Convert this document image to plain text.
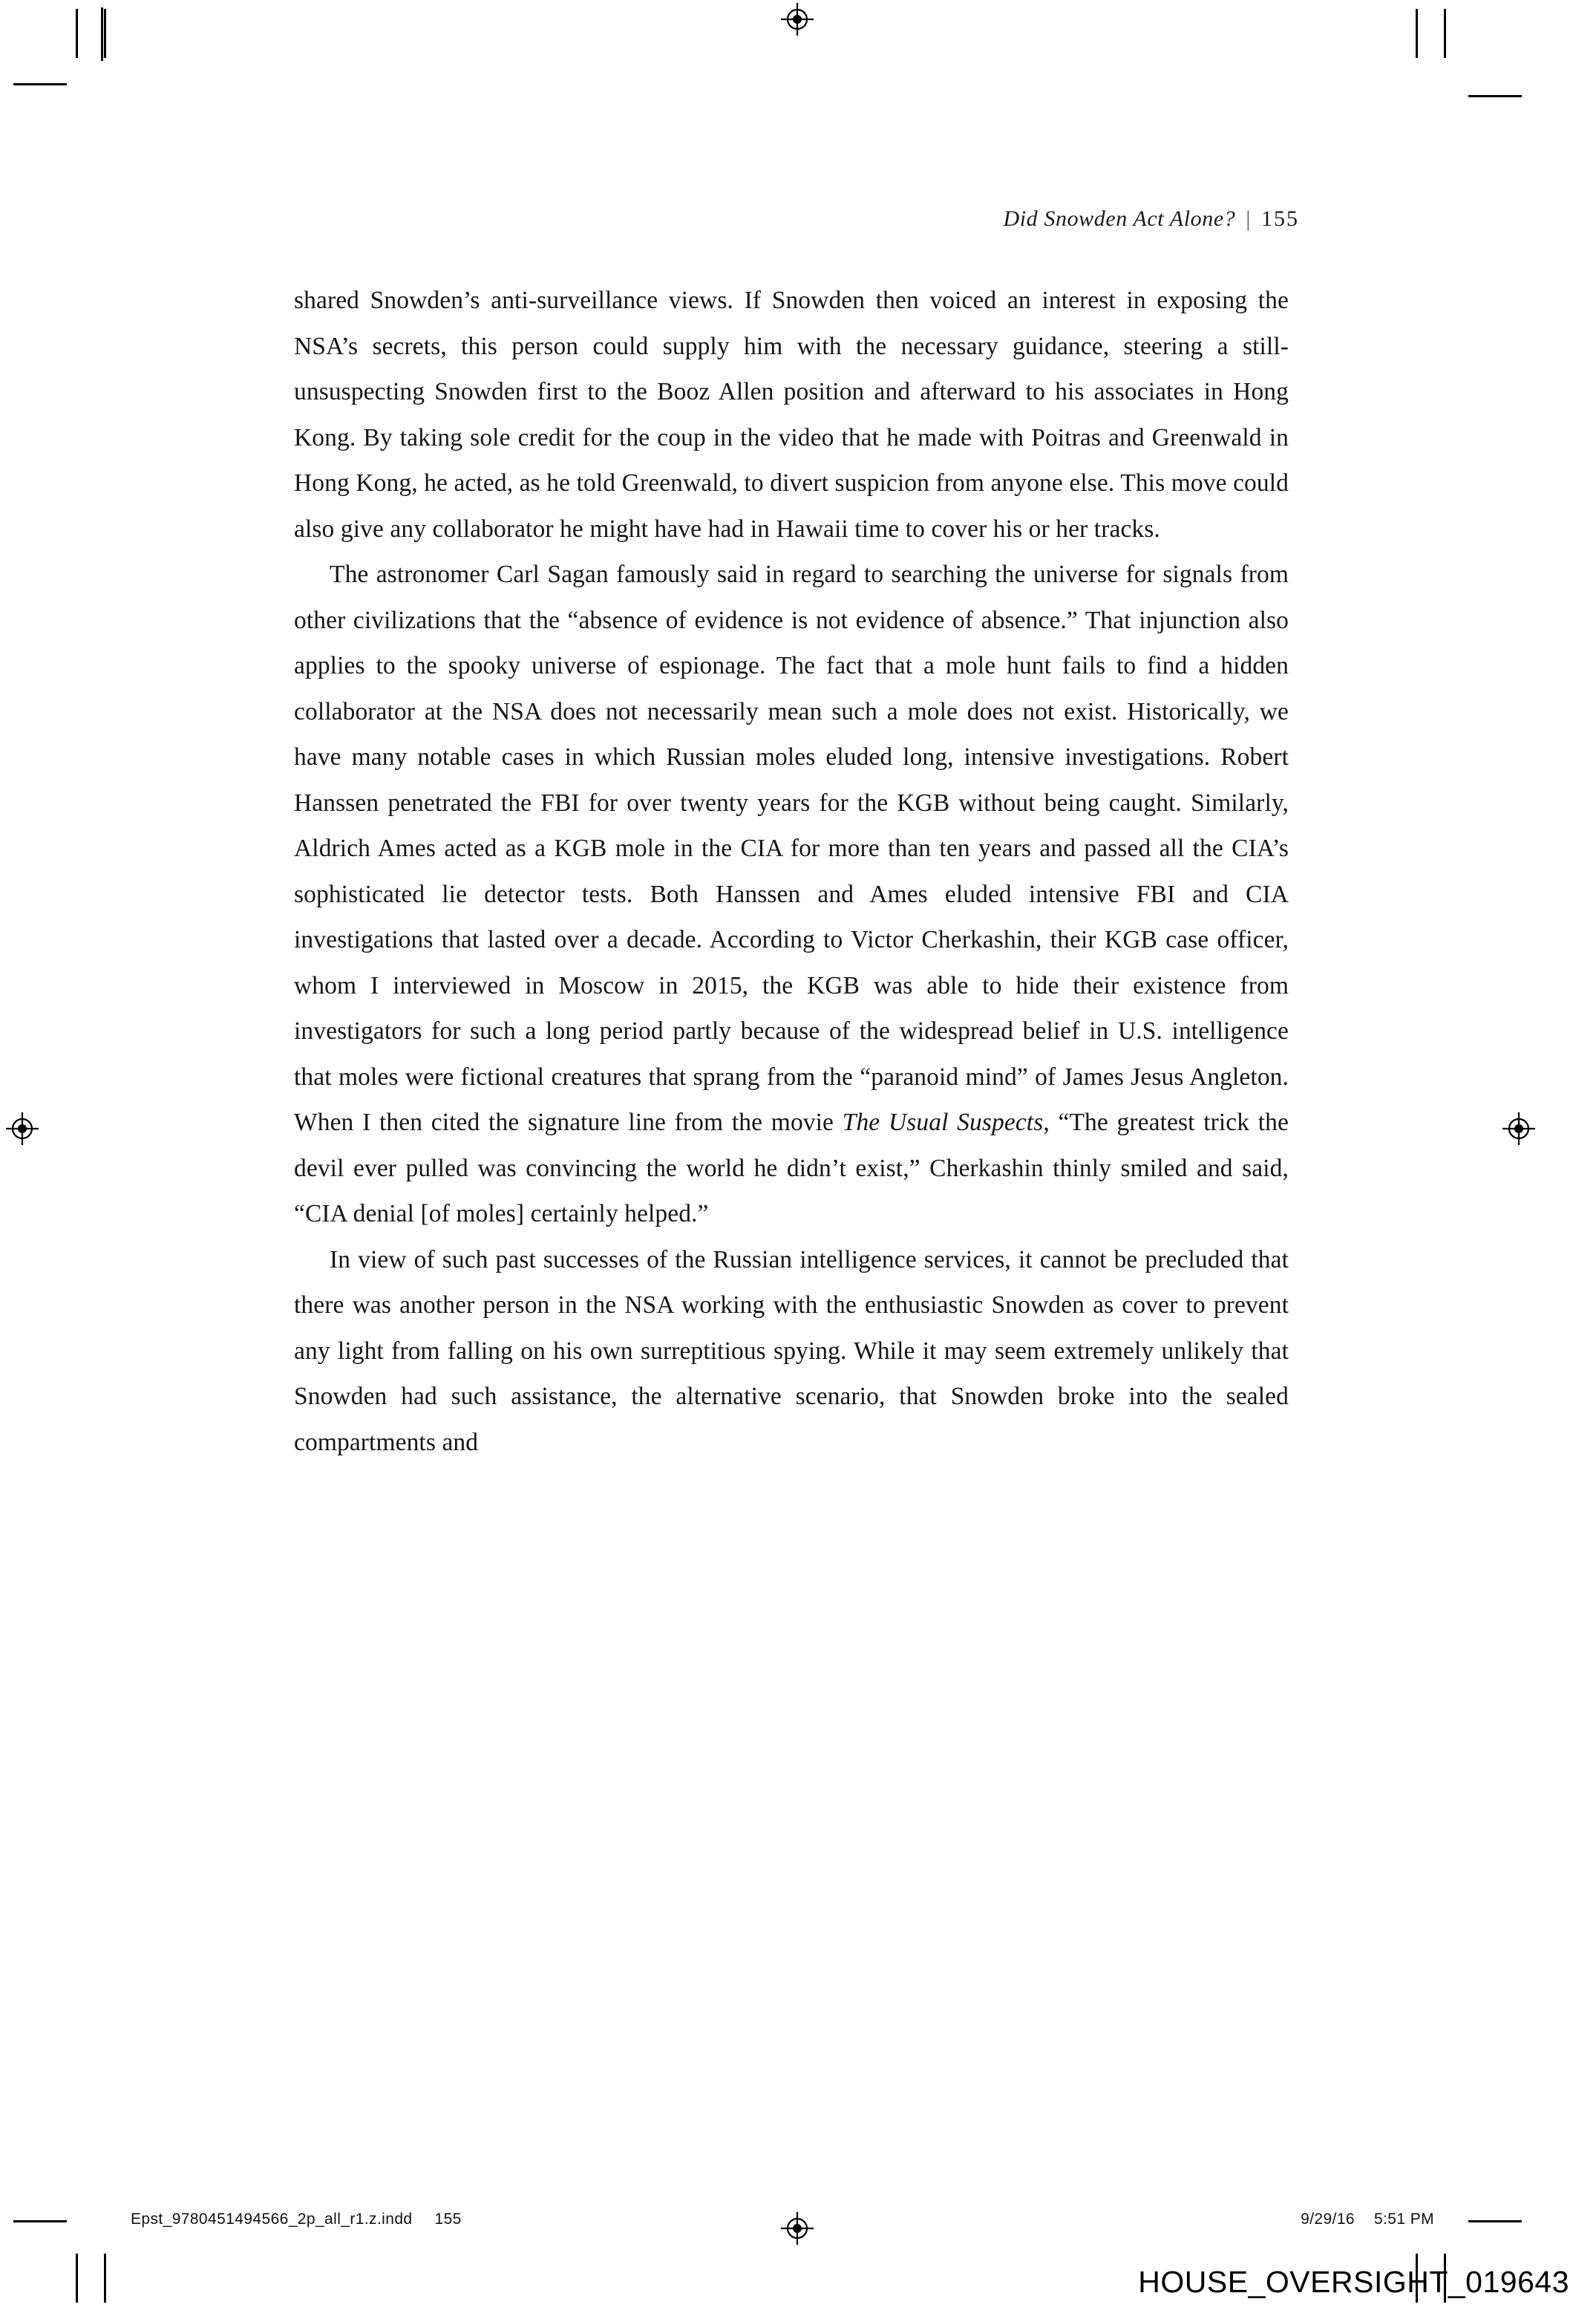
Did Snowden Act Alone? | 155

shared Snowden’s anti-surveillance views. If Snowden then voiced an interest in exposing the NSA’s secrets, this person could supply him with the necessary guidance, steering a still-unsuspecting Snowden first to the Booz Allen position and afterward to his associates in Hong Kong. By taking sole credit for the coup in the video that he made with Poitras and Greenwald in Hong Kong, he acted, as he told Greenwald, to divert suspicion from anyone else. This move could also give any collaborator he might have had in Hawaii time to cover his or her tracks.

The astronomer Carl Sagan famously said in regard to searching the universe for signals from other civilizations that the “absence of evidence is not evidence of absence.” That injunction also applies to the spooky universe of espionage. The fact that a mole hunt fails to find a hidden collaborator at the NSA does not necessarily mean such a mole does not exist. Historically, we have many notable cases in which Russian moles eluded long, intensive investigations. Robert Hanssen penetrated the FBI for over twenty years for the KGB without being caught. Similarly, Aldrich Ames acted as a KGB mole in the CIA for more than ten years and passed all the CIA’s sophisticated lie detector tests. Both Hanssen and Ames eluded intensive FBI and CIA investigations that lasted over a decade. According to Victor Cherkashin, their KGB case officer, whom I interviewed in Moscow in 2015, the KGB was able to hide their existence from investigators for such a long period partly because of the widespread belief in U.S. intelligence that moles were fictional creatures that sprang from the “paranoid mind” of James Jesus Angleton. When I then cited the signature line from the movie The Usual Suspects, “The greatest trick the devil ever pulled was convincing the world he didn’t exist,” Cherkashin thinly smiled and said, “CIA denial [of moles] certainly helped.”

In view of such past successes of the Russian intelligence services, it cannot be precluded that there was another person in the NSA working with the enthusiastic Snowden as cover to prevent any light from falling on his own surreptitious spying. While it may seem extremely unlikely that Snowden had such assistance, the alternative scenario, that Snowden broke into the sealed compartments and

Epst_9780451494566_2p_all_r1.z.indd 155	9/29/16 5:51 PM
HOUSE_OVERSIGHT_019643
